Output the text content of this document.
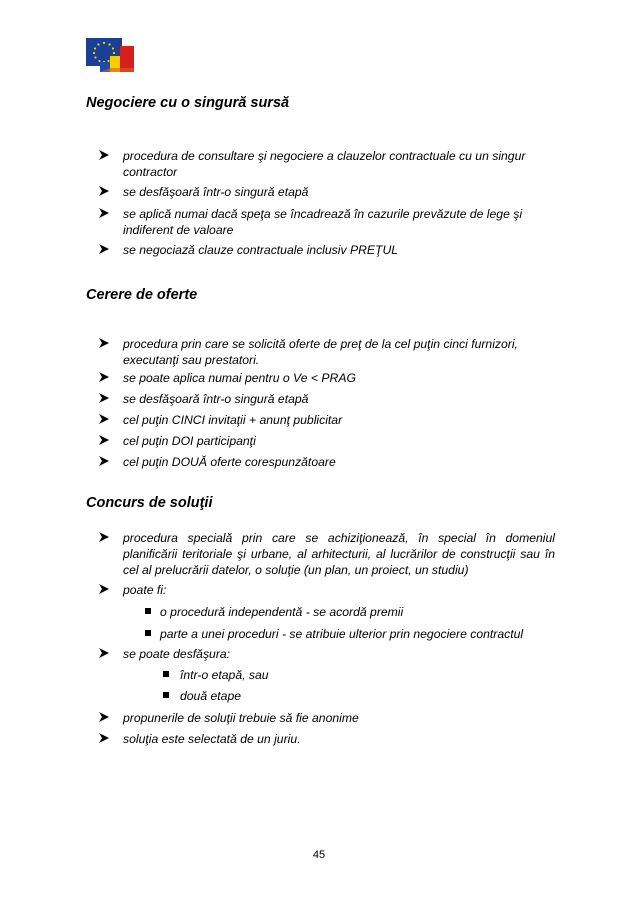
Negociere cu o singură sursă
procedura de consultare şi negociere a clauzelor contractuale cu un singur contractor
se desfăşoară într-o singură etapă
se aplică numai dacă speţa se încadrează în cazurile prevăzute de lege şi indiferent de valoare
se negociază clauze contractuale inclusiv PREŢUL
Cerere de oferte
procedura prin care se solicită oferte de preţ de la cel puţin cinci furnizori, executanţi sau prestatori.
se poate aplica numai pentru o Ve < PRAG
se desfăşoară într-o singură etapă
cel puţin CINCI invitaţii + anunţ publicitar
cel puţin DOI participanţi
cel puţin DOUĂ oferte corespunzătoare
Concurs de soluţii
procedura specială prin care se achiziţionează, în special în domeniul planificării teritoriale şi urbane, al arhitecturii, al lucrărilor de construcţii sau în cel al prelucrării datelor, o soluţie (un plan, un proiect, un studiu)
poate fi:
o procedură independentă - se acordă premii
parte a unei proceduri - se atribuie ulterior prin negociere contractul
se poate desfăşura:
într-o etapă, sau
două etape
propunerile de soluţii trebuie să fie anonime
soluţia este selectată de un juriu.
45
